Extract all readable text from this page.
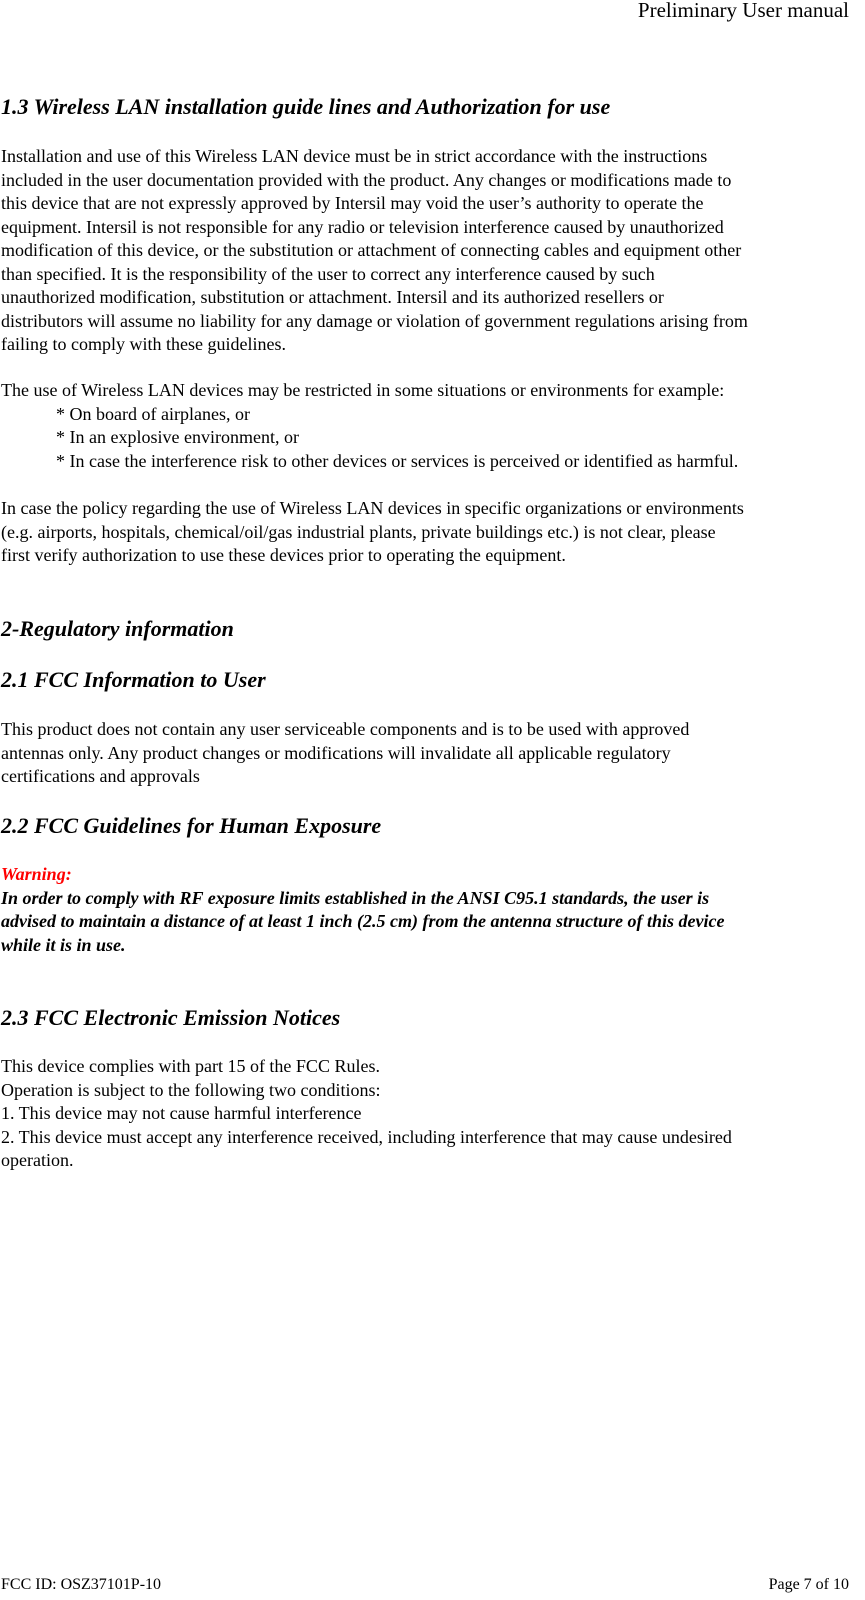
Preliminary User manual
1.3 Wireless LAN installation guide lines and Authorization for use
Installation and use of this Wireless LAN device must be in strict accordance with the instructions
included in the user documentation provided with the product. Any changes or modifications made to
this device that are not expressly approved by Intersil may void the user’s authority to operate the
equipment. Intersil is not responsible for any radio or television interference caused by unauthorized
modification of this device, or the substitution or attachment of connecting cables and equipment other
than specified. It is the responsibility of the user to correct any interference caused by such
unauthorized modification, substitution or attachment. Intersil and its authorized resellers or
distributors will assume no liability for any damage or violation of government regulations arising from
failing to comply with these guidelines.
The use of Wireless LAN devices may be restricted in some situations or environments for example:
* On board of airplanes, or
* In an explosive environment, or
* In case the interference risk to other devices or services is perceived or identified as harmful.
In case the policy regarding the use of Wireless LAN devices in specific organizations or environments
(e.g. airports, hospitals, chemical/oil/gas industrial plants, private buildings etc.) is not clear, please
first verify authorization to use these devices prior to operating the equipment.
2-Regulatory information
2.1 FCC Information to User
This product does not contain any user serviceable components and is to be used with approved
antennas only. Any product changes or modifications will invalidate all applicable regulatory
certifications and approvals
2.2 FCC Guidelines for Human Exposure
Warning:
In order to comply with RF exposure limits established in the ANSI C95.1 standards, the user is
advised to maintain a distance of at least 1 inch (2.5 cm) from the antenna structure of this device
while it is in use.
2.3 FCC Electronic Emission Notices
This device complies with part 15 of the FCC Rules.
Operation is subject to the following two conditions:
1. This device may not cause harmful interference
2. This device must accept any interference received, including interference that may cause undesired
operation.
FCC ID: OSZ37101P-10	Page 7 of 10
